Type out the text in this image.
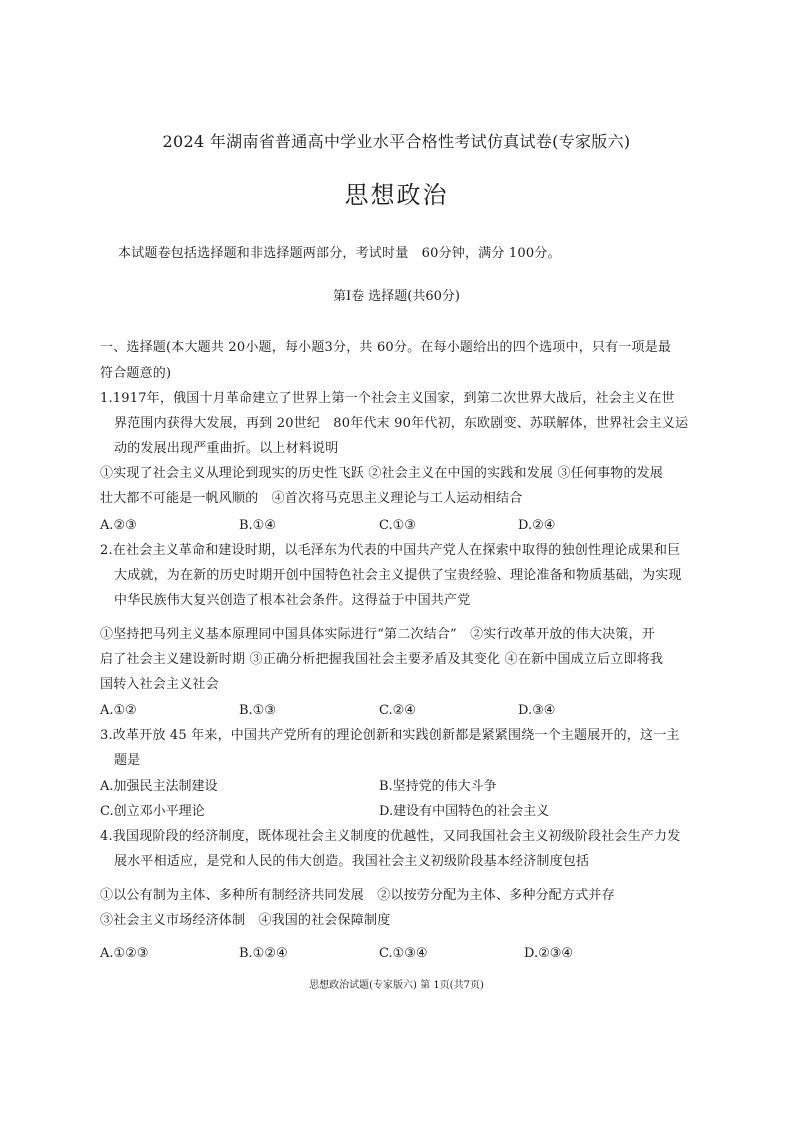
2024 年湖南省普通高中学业水平合格性考试仿真试卷(专家版六)
思想政治
本试题卷包括选择题和非选择题两部分，考试时量　60分钟，满分 100分。
第Ⅰ卷 选择题(共60分)
一、选择题(本大题共 20小题，每小题3分，共 60分。在每小题给出的四个选项中，只有一项是最
符合题意的)
1.1917年，俄国十月革命建立了世界上第一个社会主义国家，到第二次世界大战后，社会主义在世
界范围内获得大发展，再到 20世纪　80年代末 90年代初，东欧剧变、苏联解体，世界社会主义运
动的发展出现严重曲折。以上材料说明
①实现了社会主义从理论到现实的历史性飞跃 ②社会主义在中国的实践和发展 ③任何事物的发展
壮大都不可能是一帆风顺的　④首次将马克思主义理论与工人运动相结合
A.②③	B.①④	C.①③	D.②④
2.在社会主义革命和建设时期，以毛泽东为代表的中国共产党人在探索中取得的独创性理论成果和巨
大成就，为在新的历史时期开创中国特色社会主义提供了宝贵经验、理论准备和物质基础，为实现
中华民族伟大复兴创造了根本社会条件。这得益于中国共产党
①坚持把马列主义基本原理同中国具体实际进行“第二次结合”　②实行改革开放的伟大决策，开
启了社会主义建设新时期 ③正确分析把握我国社会主要矛盾及其变化 ④在新中国成立后立即将我
国转入社会主义社会
A.①②	B.①③	C.②④	D.③④
3.改革开放 45 年来，中国共产党所有的理论创新和实践创新都是紧紧围绕一个主题展开的，这一主
题是
A.加强民主法制建设	B.坚持党的伟大斗争
C.创立邓小平理论	D.建设有中国特色的社会主义
4.我国现阶段的经济制度，既体现社会主义制度的优越性，又同我国社会主义初级阶段社会生产力发
展水平相适应，是党和人民的伟大创造。我国社会主义初级阶段基本经济制度包括
①以公有制为主体、多种所有制经济共同发展　②以按劳分配为主体、多种分配方式并存
③社会主义市场经济体制　④我国的社会保障制度
A.①②③	B.①②④	C.①③④	D.②③④
思想政治试题(专家版六) 第 1页(共7页)
